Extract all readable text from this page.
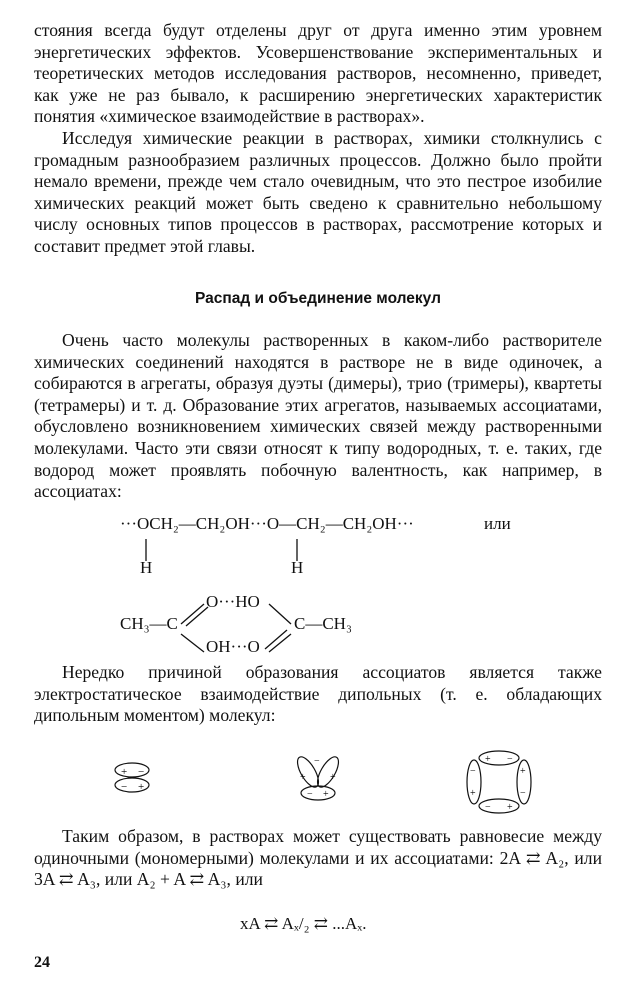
стояния всегда будут отделены друг от друга именно этим уровнем энергетических эффектов. Усовершенствование экспериментальных и теоретических методов исследования растворов, несомненно, приведет, как уже не раз бывало, к расширению энергетических характеристик понятия «химическое взаимодействие в растворах».

Исследуя химические реакции в растворах, химики столкнулись с громадным разнообразием различных процессов. Должно было пройти немало времени, прежде чем стало очевидным, что это пестрое изобилие химических реакций может быть сведено к сравнительно небольшому числу основных типов процессов в растворах, рассмотрение которых и составит предмет этой главы.

Распад и объединение молекул

Очень часто молекулы растворенных в каком-либо растворителе химических соединений находятся в растворе не в виде одиночек, а собираются в агрегаты, образуя дуэты (димеры), трио (тримеры), квартеты (тетрамеры) и т. д. Образование этих агрегатов, называемых ассоциатами, обусловлено возникновением химических связей между растворенными молекулами. Часто эти связи относят к типу водородных, т. е. таких, где водород может проявлять побочную валентность, как например, в ассоциатах:

···OCH₂—CH₂OH···O—CH₂—CH₂OH···	или
H	H
CH₃—C
O···HO
OH···O
C—CH₃

Нередко причиной образования ассоциатов является также электростатическое взаимодействие дипольных (т. е. обладающих дипольным моментом) молекул:

+ −
− +
+ +
−
− +
+ −
− +
−
+
+
−

Таким образом, в растворах может существовать равновесие между одиночными (мономерными) молекулами и их ассоциатами: 2A ⇄ A₂, или 3A ⇄ A₃, или A₂ + A ⇄ A₃, или

xA ⇄ Aₓ/₂ ⇄ ...Aₓ.
24
